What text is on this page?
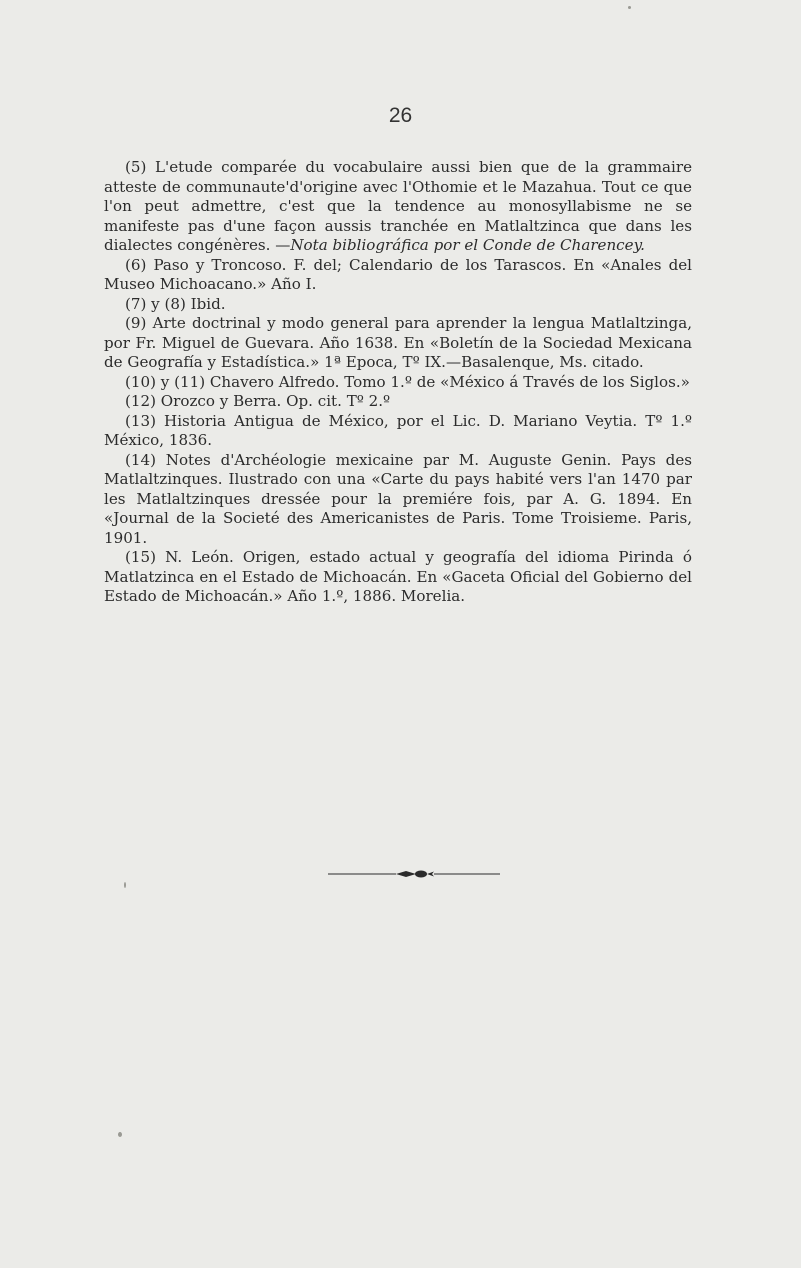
26

(5) L'etude comparée du vocabulaire aussi bien que de la grammaire atteste de communaute'd'origine avec l'Othomie et le Mazahua. Tout ce que l'on peut admettre, c'est que la tendence au monosyllabisme ne se manifeste pas d'une façon aussis tranchée en Matlaltzinca que dans les dialectes congénères. —Nota bibliográfica por el Conde de Charencey.

(6) Paso y Troncoso. F. del; Calendario de los Tarascos. En «Anales del Museo Michoacano.» Año I.

(7) y (8) Ibid.

(9) Arte doctrinal y modo general para aprender la lengua Matlaltzinga, por Fr. Miguel de Guevara. Año 1638. En «Boletín de la Sociedad Mexicana de Geografía y Estadística.» 1ª Epoca, Tº IX.—Basalenque, Ms. citado.

(10) y (11) Chavero Alfredo. Tomo 1.º de «México á Través de los Siglos.»

(12) Orozco y Berra. Op. cit. Tº 2.º

(13) Historia Antigua de México, por el Lic. D. Mariano Veytia. Tº 1.º México, 1836.

(14) Notes d'Archéologie mexicaine par M. Auguste Genin. Pays des Matlaltzinques. Ilustrado con una «Carte du pays habité vers l'an 1470 par les Matlaltzinques dressée pour la premiére fois, par A. G. 1894. En «Journal de la Societé des Americanistes de Paris. Tome Troisieme. Paris, 1901.

(15) N. León. Origen, estado actual y geografía del idioma Pirinda ó Matlatzinca en el Estado de Michoacán. En «Gaceta Oficial del Gobierno del Estado de Michoacán.» Año 1.º, 1886. Morelia.
